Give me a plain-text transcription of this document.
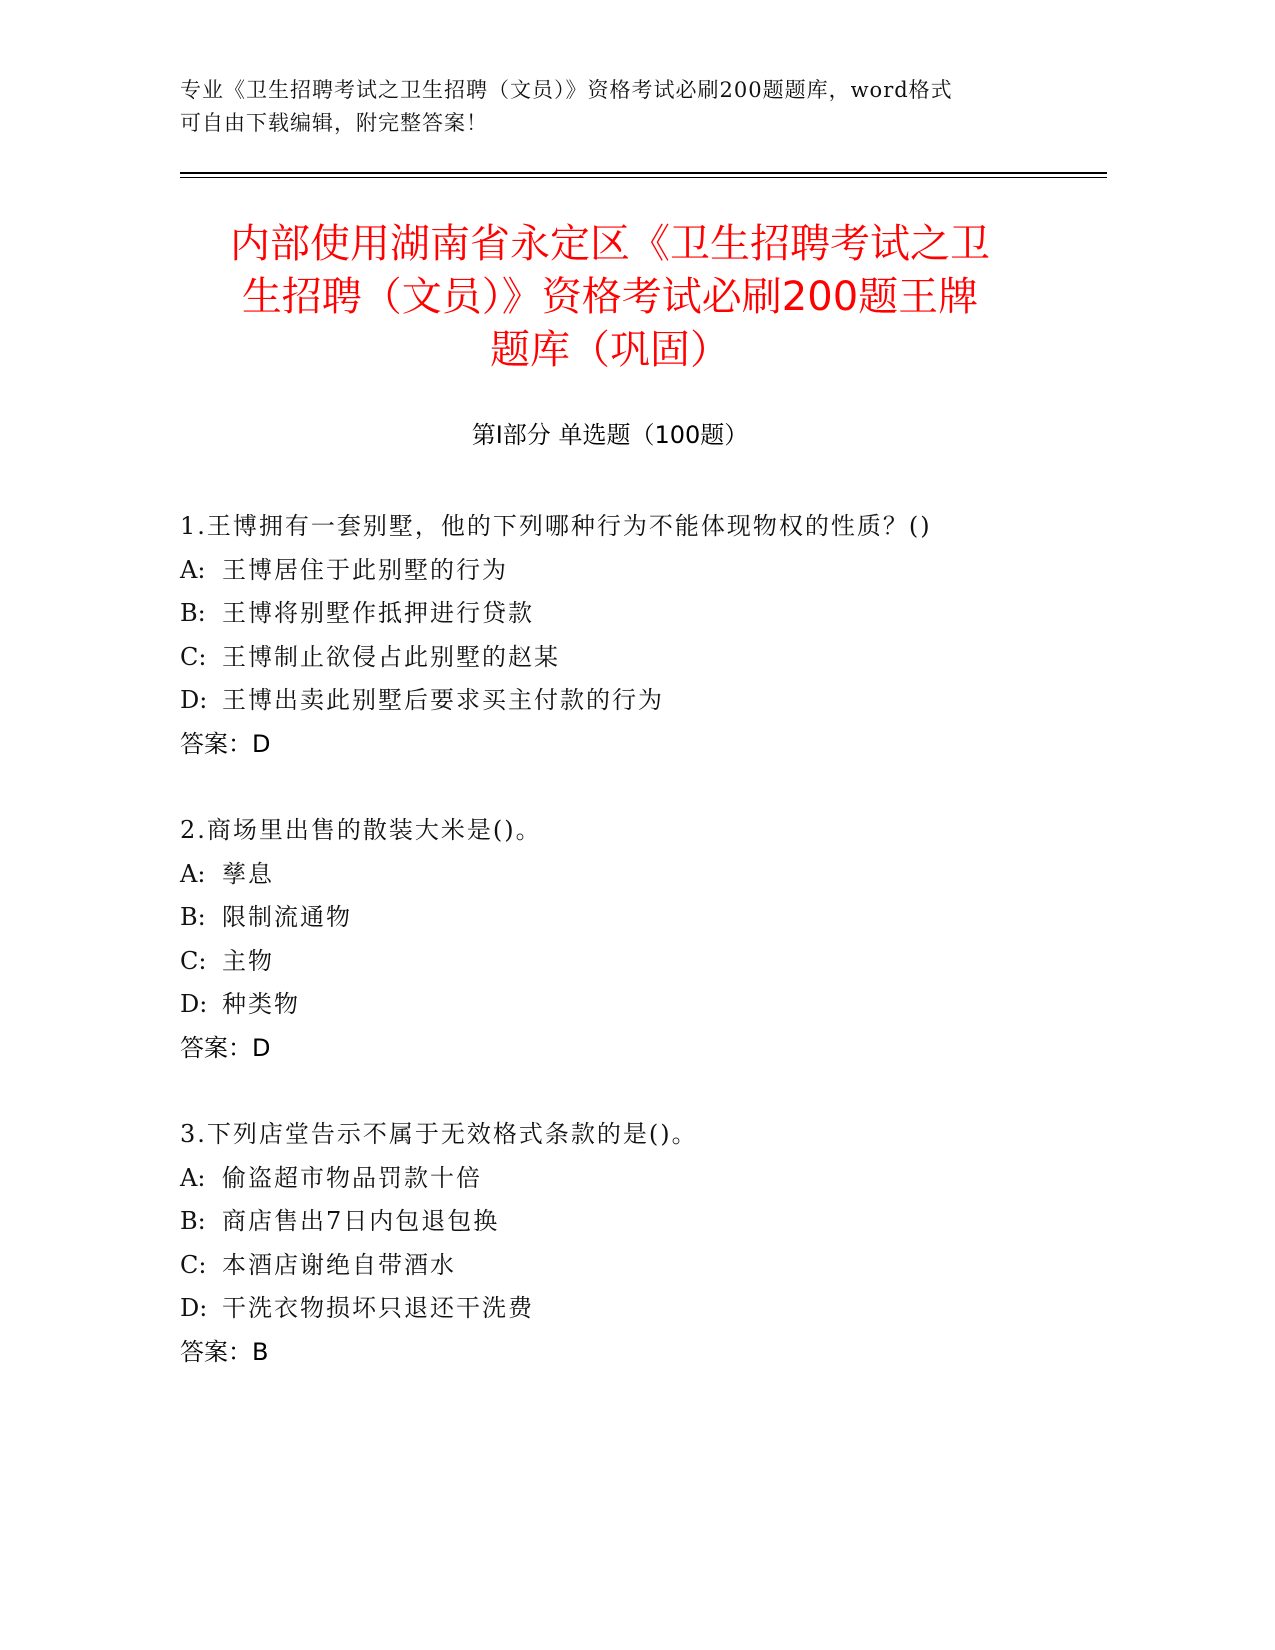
专业《卫生招聘考试之卫生招聘（文员）》资格考试必刷200题题库，word格式
可自由下载编辑，附完整答案！
内部使用湖南省永定区《卫生招聘考试之卫
生招聘（文员）》资格考试必刷200题王牌
题库（巩固）
第Ⅰ部分 单选题（100题）
1.王博拥有一套别墅，他的下列哪种行为不能体现物权的性质？()
A: 王博居住于此别墅的行为
B: 王博将别墅作抵押进行贷款
C: 王博制止欲侵占此别墅的赵某
D: 王博出卖此别墅后要求买主付款的行为
答案：D
2.商场里出售的散装大米是()。
A: 孳息
B: 限制流通物
C: 主物
D: 种类物
答案：D
3.下列店堂告示不属于无效格式条款的是()。
A: 偷盗超市物品罚款十倍
B: 商店售出7日内包退包换
C: 本酒店谢绝自带酒水
D: 干洗衣物损坏只退还干洗费
答案：B
